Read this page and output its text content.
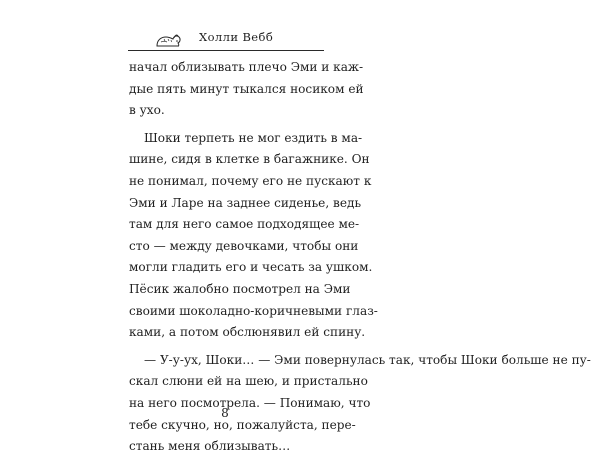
Холли Вебб
начал облизывать плечо Эми и каж-
дые пять минут тыкался носиком ей
в ухо.
Шоки терпеть не мог ездить в ма-
шине, сидя в клетке в багажнике. Он
не понимал, почему его не пускают к
Эми и Ларе на заднее сиденье, ведь
там для него самое подходящее ме-
сто — между девочками, чтобы они
могли гладить его и чесать за ушком.
Пёсик жалобно посмотрел на Эми
своими шоколадно-коричневыми глаз-
ками, а потом обслюнявил ей спину.
— У-у-ух, Шоки… — Эми повернулась так, чтобы Шоки больше не пу-
скал слюни ей на шею, и пристально
на него посмотрела. — Понимаю, что
тебе скучно, но, пожалуйста, пере-
стань меня облизывать…
8
